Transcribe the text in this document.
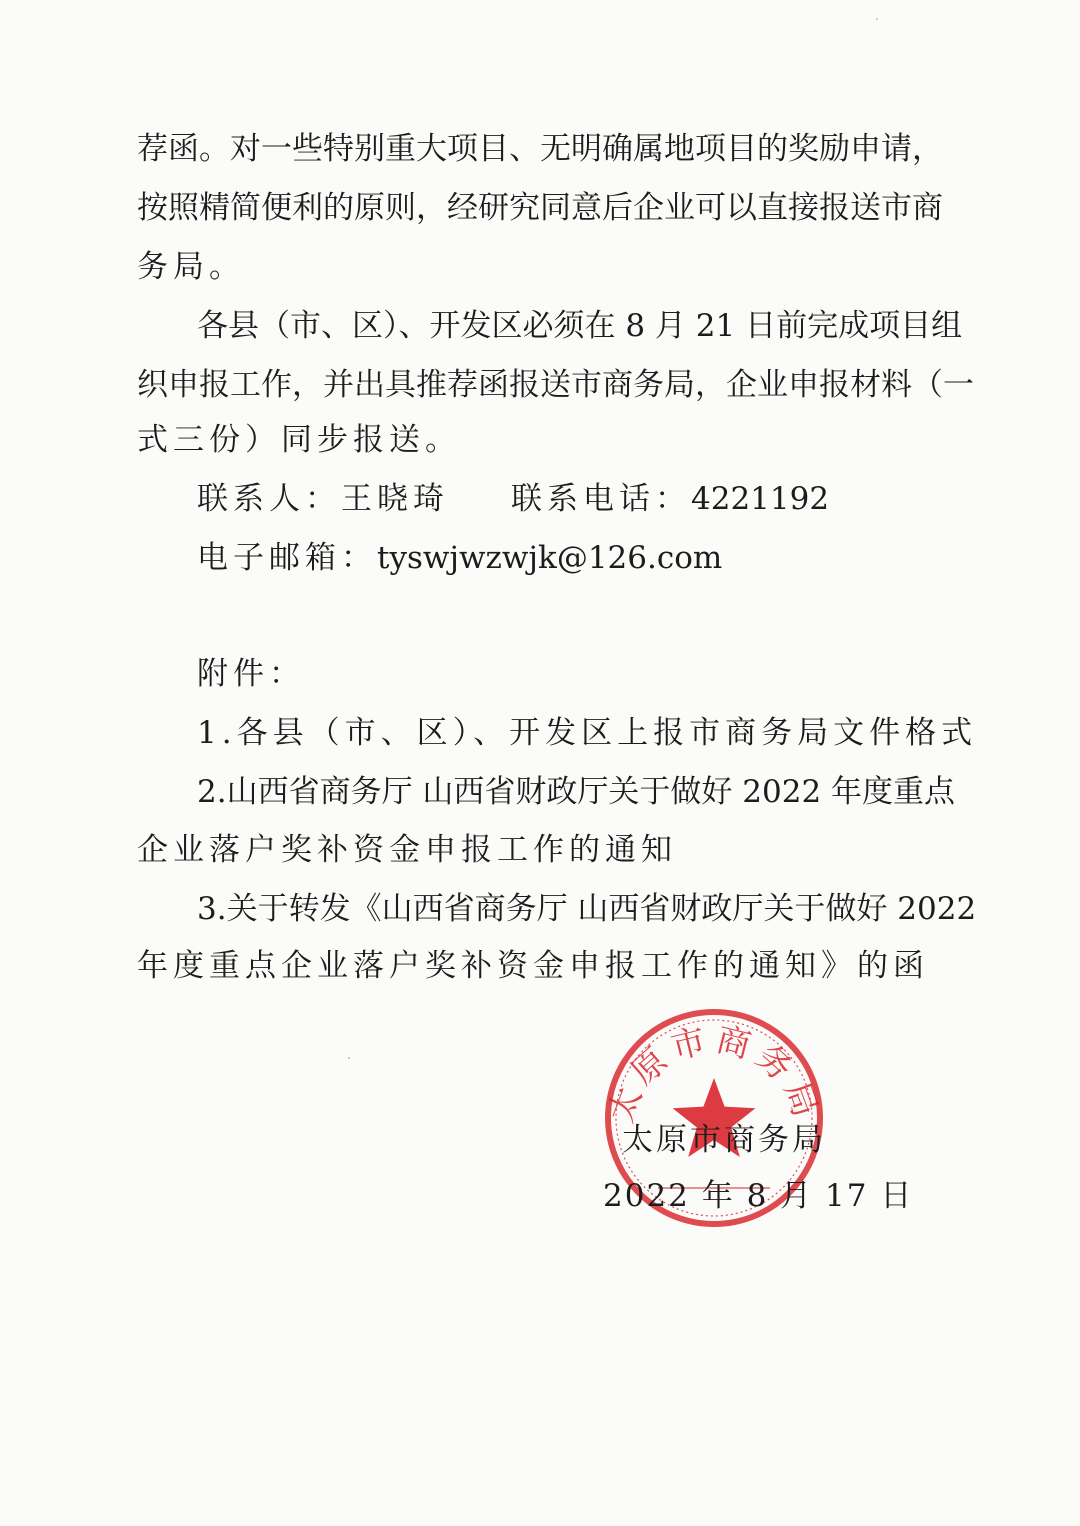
荐函。对一些特别重大项目、无明确属地项目的奖励申请，
按照精简便利的原则，经研究同意后企业可以直接报送市商
务局。
各县（市、区）、开发区必须在 8 月 21 日前完成项目组
织申报工作，并出具推荐函报送市商务局，企业申报材料（一
式三份）同步报送。
联系人：王晓琦 联系电话：4221192
电子邮箱：tyswjwzwjk@126.com
附件：
1.各县（市、区）、开发区上报市商务局文件格式
2.山西省商务厅 山西省财政厅关于做好 2022 年度重点
企业落户奖补资金申报工作的通知
3.关于转发《山西省商务厅 山西省财政厅关于做好 2022
年度重点企业落户奖补资金申报工作的通知》的函
太原市商务局
太原市商务局
2022 年 8 月 17 日
